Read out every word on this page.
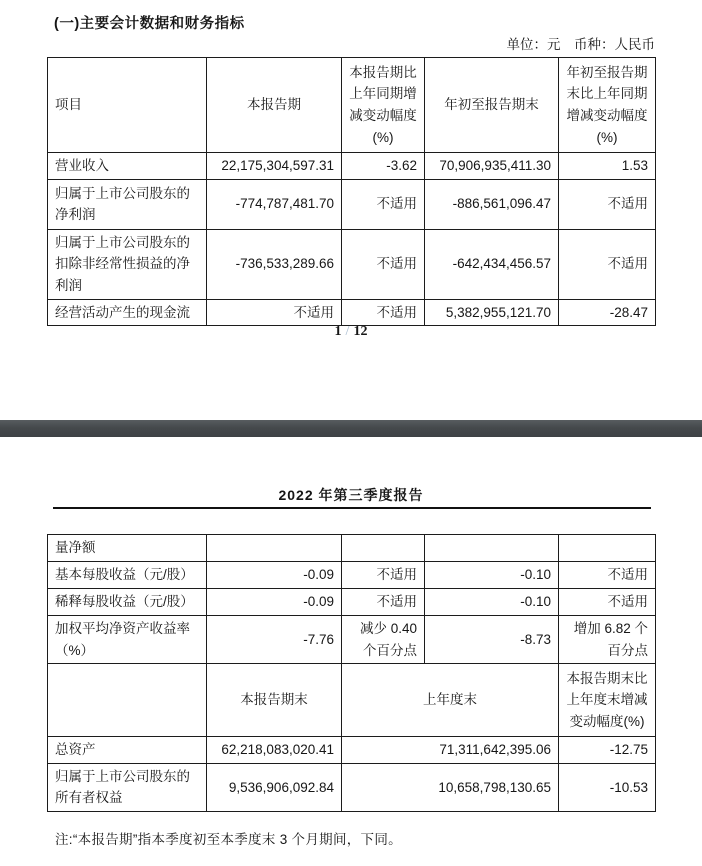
(一)主要会计数据和财务指标
单位：元　币种：人民币
项目	本报告期	本报告期比上年同期增减变动幅度(%)	年初至报告期末	年初至报告期末比上年同期增减变动幅度(%)
营业收入	22,175,304,597.31	-3.62	70,906,935,411.30	1.53
归属于上市公司股东的净利润	-774,787,481.70	不适用	-886,561,096.47	不适用
归属于上市公司股东的扣除非经常性损益的净利润	-736,533,289.66	不适用	-642,434,456.57	不适用
经营活动产生的现金流	不适用	不适用	5,382,955,121.70	-28.47
1 / 12
2022 年第三季度报告
量净额				
基本每股收益（元/股）	-0.09	不适用	-0.10	不适用
稀释每股收益（元/股）	-0.09	不适用	-0.10	不适用
加权平均净资产收益率（%）	-7.76	减少 0.40 个百分点	-8.73	增加 6.82 个百分点
	本报告期末	上年度末		本报告期末比上年度末增减变动幅度(%)
总资产	62,218,083,020.41	71,311,642,395.06		-12.75
归属于上市公司股东的所有者权益	9,536,906,092.84	10,658,798,130.65		-10.53
注:“本报告期”指本季度初至本季度末 3 个月期间，下同。
